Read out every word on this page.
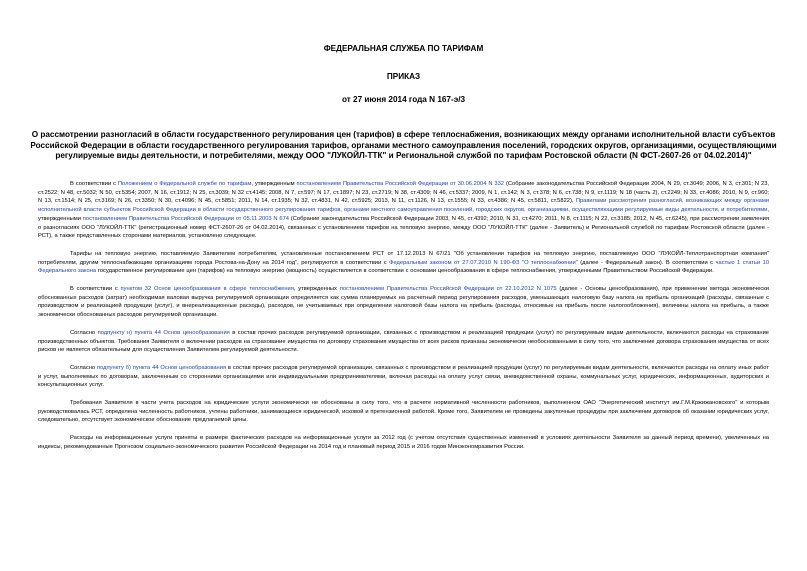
ФЕДЕРАЛЬНАЯ СЛУЖБА ПО ТАРИФАМ

ПРИКАЗ

от 27 июня 2014 года N 167-э/3

О рассмотрении разногласий в области государственного регулирования цен (тарифов) в сфере теплоснабжения, возникающих между органами исполнительной власти субъектов Российской Федерации в области государственного регулирования тарифов, органами местного самоуправления поселений, городских округов, организациями, осуществляющими регулируемые виды деятельности, и потребителями, между ООО "ЛУКОЙЛ-ТТК" и Региональной службой по тарифам Ростовской области (N ФСТ-2607-26 от 04.02.2014)"

В соответствии с Положением о Федеральной службе по тарифам, утвержденным постановлением Правительства Российской Федерации от 30.06.2004 N 332 (Собрание законодательства Российской Федерации 2004, N 29, ст.3049; 2006, N 3, ст.301; N 23, ст.2522; N 48, ст.5032; N 50, ст.5354; 2007, N 16, ст.1912; N 25, ст.3039; N 32 ст.4145; 2008, N 7, ст.597; N 17, ст.1897; N 23, ст.2719; N 38, ст.4309; N 46, ст.5337; 2009, N 1, ст.142; N 3, ст.378; N 6, ст.738; N 9, ст.1119; N 18 (часть 2), ст.2249; N 33, ст.4086; 2010, N 9, ст.960; N 13, ст.1514; N 25, ст.3169; N 26, ст.3350; N 30, ст.4096; N 45, ст.5851; 2011, N 14, ст.1935; N 32, ст.4831, N 42, ст.5925; 2013, N 11, ст.1126, N 13, ст.1555; N 33, ст.4386; N 45, ст.5811, ст.5822), Правилами рассмотрения разногласий, возникающих между органами исполнительной власти субъектов Российской Федерации в области государственного регулирования тарифов, органами местного самоуправления поселений, городских округов, организациями, осуществляющими регулируемые виды деятельности, и потребителями, утвержденными постановлением Правительства Российской Федерации от 05.11.2003 N 674 (Собрание законодательства Российской Федерации 2003, N 45, ст.4392; 2010, N 31, ст.4270; 2011, N 8, ст.1115; N 22, ст.3185; 2012, N 45, ст.6245), при рассмотрении заявления о разногласиях ООО "ЛУКОЙЛ-ТТК" (регистрационный номер ФСТ-2607-26 от 04.02.2014), связанных с установлением тарифов на тепловую энергию, между ООО "ЛУКОЙЛ-ТТК" (далее - Заявитель) и Региональной службой по тарифам Ростовской области (далее - РСТ), а также представленных сторонами материалов, установлено следующее.

Тарифы на тепловую энергию, поставляемую Заявителем потребителям, установленные постановлением РСТ от 17.12.2013 N 67/21 "Об установлении тарифов на тепловую энергию, поставляемую ООО "ЛУКОЙЛ-Теплотранспортная компания" потребителям, другим теплоснабжающим организациям города Ростова-на-Дону на 2014 год", регулируются в соответствии с Федеральным законом от 27.07.2010 N 190-ФЗ "О теплоснабжении" (далее - Федеральный закон). В соответствии с частью 1 статьи 10 Федерального закона государственное регулирование цен (тарифов) на тепловую энергию (мощность) осуществляется в соответствии с основами ценообразования в сфере теплоснабжения, утвержденными Правительством Российской Федерации.

В соответствии с пунктом 32 Основ ценообразования в сфере теплоснабжения, утвержденных постановлением Правительства Российской Федерации от 22.10.2012 N 1075 (далее - Основы ценообразования), при применении метода экономически обоснованных расходов (затрат) необходимая валовая выручка регулируемой организации определяется как сумма планируемых на расчетный период регулирования расходов, уменьшающих налоговую базу налога на прибыль организаций (расходы, связанные с производством и реализацией продукции (услуг), и внереализационные расходы), расходов, не учитываемых при определении налоговой базы налога на прибыль (расходы, относимые на прибыль после налогообложения), величины налога на прибыль, а также экономически обоснованных расходов регулируемой организации.

Согласно подпункту н) пункта 44 Основ ценообразования в состав прочих расходов регулируемой организации, связанных с производством и реализацией продукции (услуг) по регулируемым видам деятельности, включаются расходы на страхование производственных объектов. Требования Заявителя о включении расходов на страхование имущества по договору страхования имущества от всех рисков признаны экономически необоснованными в силу того, что заключение договора страхования имущества от всех рисков не является обязательным для осуществления Заявителем регулируемой деятельности.

Согласно подпункту б) пункта 44 Основ ценообразования в состав прочих расходов регулируемой организации, связанных с производством и реализацией продукции (услуг) по регулируемым видам деятельности, включаются расходы на оплату иных работ и услуг, выполняемых по договорам, заключенным со сторонними организациями или индивидуальными предпринимателями, включая расходы на оплату услуг связи, вневедомственной охраны, коммунальных услуг, юридических, информационных, аудиторских и консультационных услуг.

Требования Заявителя в части учета расходов на юридические услуги экономически не обоснованы в силу того, что в расчете нормативной численности работников, выполненном ОАО "Энергетический институт им.Г.М.Кржижановского" и которым руководствовалась РСТ, определена численность работников, учтены работники, занимающиеся юридической, исковой и претензионной работой. Кроме того, Заявителем не проведены закупочные процедуры при заключении договоров об оказании юридических услуг, следовательно, отсутствует экономическое обоснование предлагаемой цены.

Расходы на информационные услуги приняты в размере фактических расходов на информационные услуги за 2012 год (с учетом отсутствия существенных изменений в условиях деятельности Заявителя за данный период времени), увеличенных на индексы, рекомендованные Прогнозом социально-экономического развития Российской Федерации на 2014 год и плановый период 2015 и 2016 годов Минэкономразвития России.
